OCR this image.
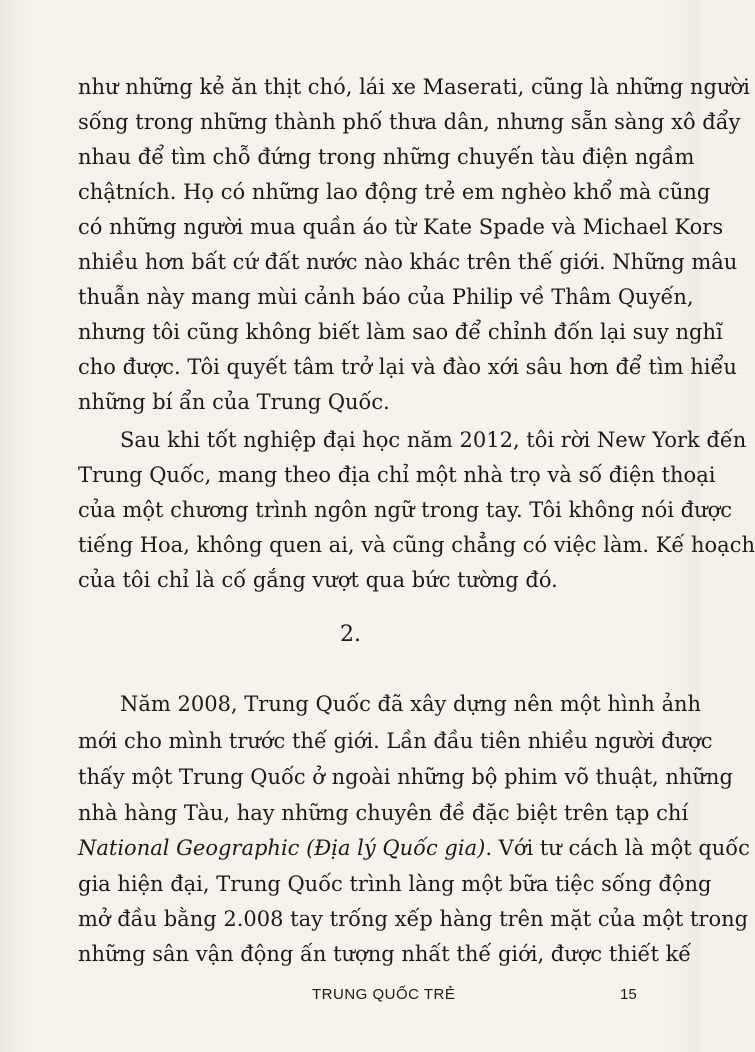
như những kẻ ăn thịt chó, lái xe Maserati, cũng là những người
sống trong những thành phố thưa dân, nhưng sẵn sàng xô đẩy
nhau để tìm chỗ đứng trong những chuyến tàu điện ngầm
chậtních. Họ có những lao động trẻ em nghèo khổ mà cũng
có những người mua quần áo từ Kate Spade và Michael Kors
nhiều hơn bất cứ đất nước nào khác trên thế giới. Những mâu
thuẫn này mang mùi cảnh báo của Philip về Thâm Quyến,
nhưng tôi cũng không biết làm sao để chỉnh đốn lại suy nghĩ
cho được. Tôi quyết tâm trở lại và đào xới sâu hơn để tìm hiểu
những bí ẩn của Trung Quốc.
Sau khi tốt nghiệp đại học năm 2012, tôi rời New York đến
Trung Quốc, mang theo địa chỉ một nhà trọ và số điện thoại
của một chương trình ngôn ngữ trong tay. Tôi không nói được
tiếng Hoa, không quen ai, và cũng chẳng có việc làm. Kế hoạch
của tôi chỉ là cố gắng vượt qua bức tường đó.
2.
Năm 2008, Trung Quốc đã xây dựng nên một hình ảnh
mới cho mình trước thế giới. Lần đầu tiên nhiều người được
thấy một Trung Quốc ở ngoài những bộ phim võ thuật, những
nhà hàng Tàu, hay những chuyên đề đặc biệt trên tạp chí
National Geographic (Địa lý Quốc gia). Với tư cách là một quốc
gia hiện đại, Trung Quốc trình làng một bữa tiệc sống động
mở đầu bằng 2.008 tay trống xếp hàng trên mặt của một trong
những sân vận động ấn tượng nhất thế giới, được thiết kế
TRUNG QUỐC TRẺ	15
